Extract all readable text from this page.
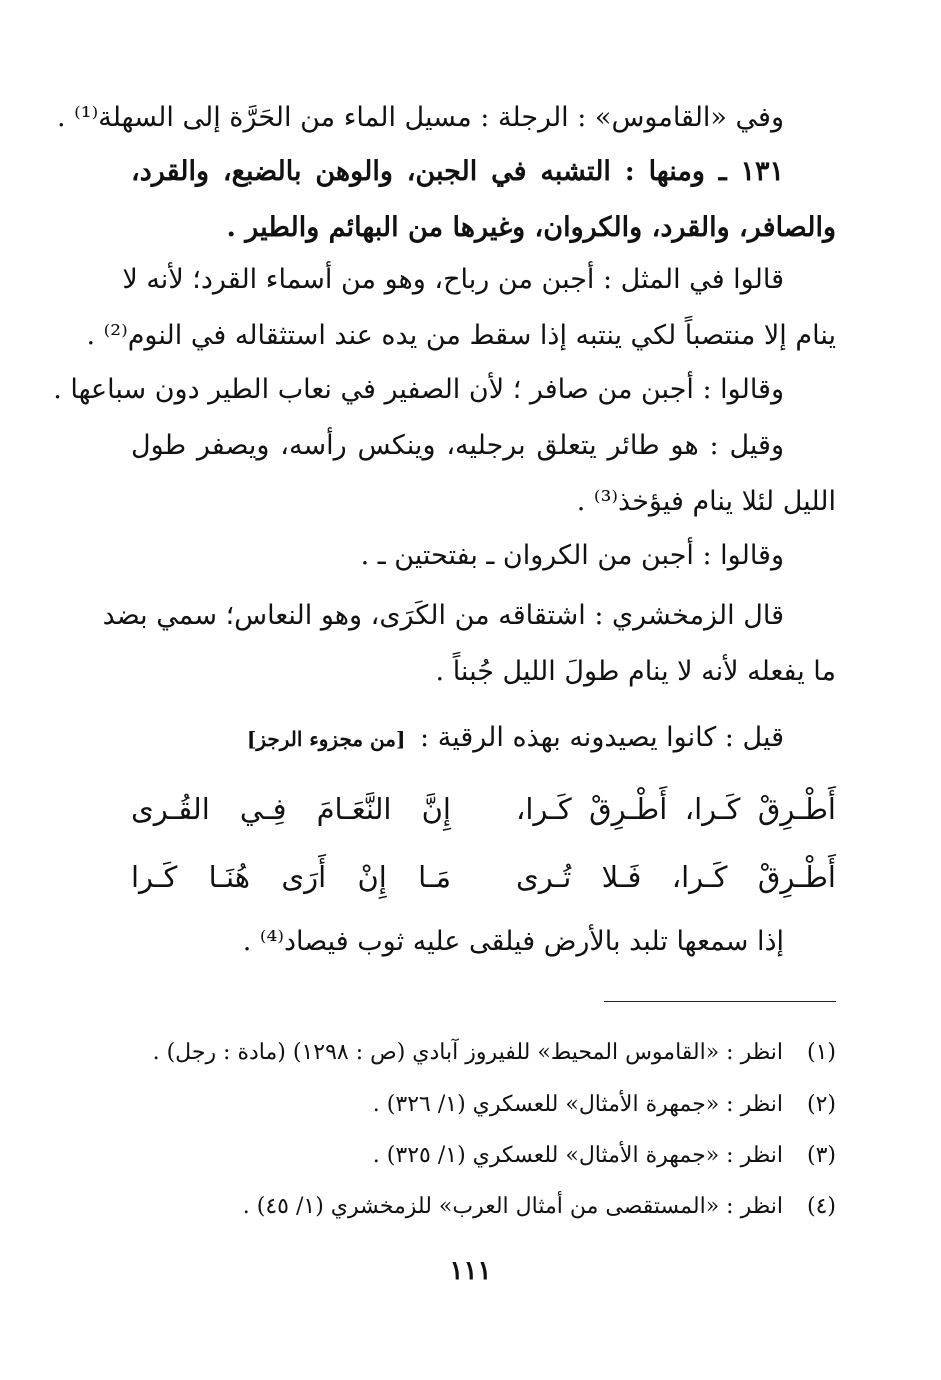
وفي «القاموس» : الرجلة : مسيل الماء من الحَرَّة إلى السهلة⁽¹⁾ .
١٣١ ـ ومنها : التشبه في الجبن، والوهن بالضبع، والقرد،
والصافر، والقرد، والكروان، وغيرها من البهائم والطير .
قالوا في المثل : أجبن من رباح، وهو من أسماء القرد؛ لأنه لا
ينام إلا منتصباً لكي ينتبه إذا سقط من يده عند استثقاله في النوم⁽²⁾ .
وقالوا : أجبن من صافر ؛ لأن الصفير في نعاب الطير دون سباعها .
وقيل : هو طائر يتعلق برجليه، وينكس رأسه، ويصفر طول
الليل لئلا ينام فيؤخذ⁽³⁾ .
وقالوا : أجبن من الكروان ـ بفتحتين ـ .
قال الزمخشري : اشتقاقه من الكَرَى، وهو النعاس؛ سمي بضد
ما يفعله لأنه لا ينام طولَ الليل جُبناً .
قيل : كانوا يصيدونه بهذه الرقية : [من مجزوء الرجز]
أَطْـرِقْ كَـرا، أَطْـرِقْ كَـرا،
إِنَّ النَّعَـامَ فِـي القُـرى
أَطْـرِقْ كَـرا، فَـلا تُـرى
مَـا إِنْ أَرَى هُنَـا كَـرا
إذا سمعها تلبد بالأرض فيلقى عليه ثوب فيصاد⁽⁴⁾ .
(١) انظر : «القاموس المحيط» للفيروز آبادي (ص : ١٢٩٨) (مادة : رجل) .
(٢) انظر : «جمهرة الأمثال» للعسكري (١/ ٣٢٦) .
(٣) انظر : «جمهرة الأمثال» للعسكري (١/ ٣٢٥) .
(٤) انظر : «المستقصى من أمثال العرب» للزمخشري (١/ ٤٥) .
١١١
